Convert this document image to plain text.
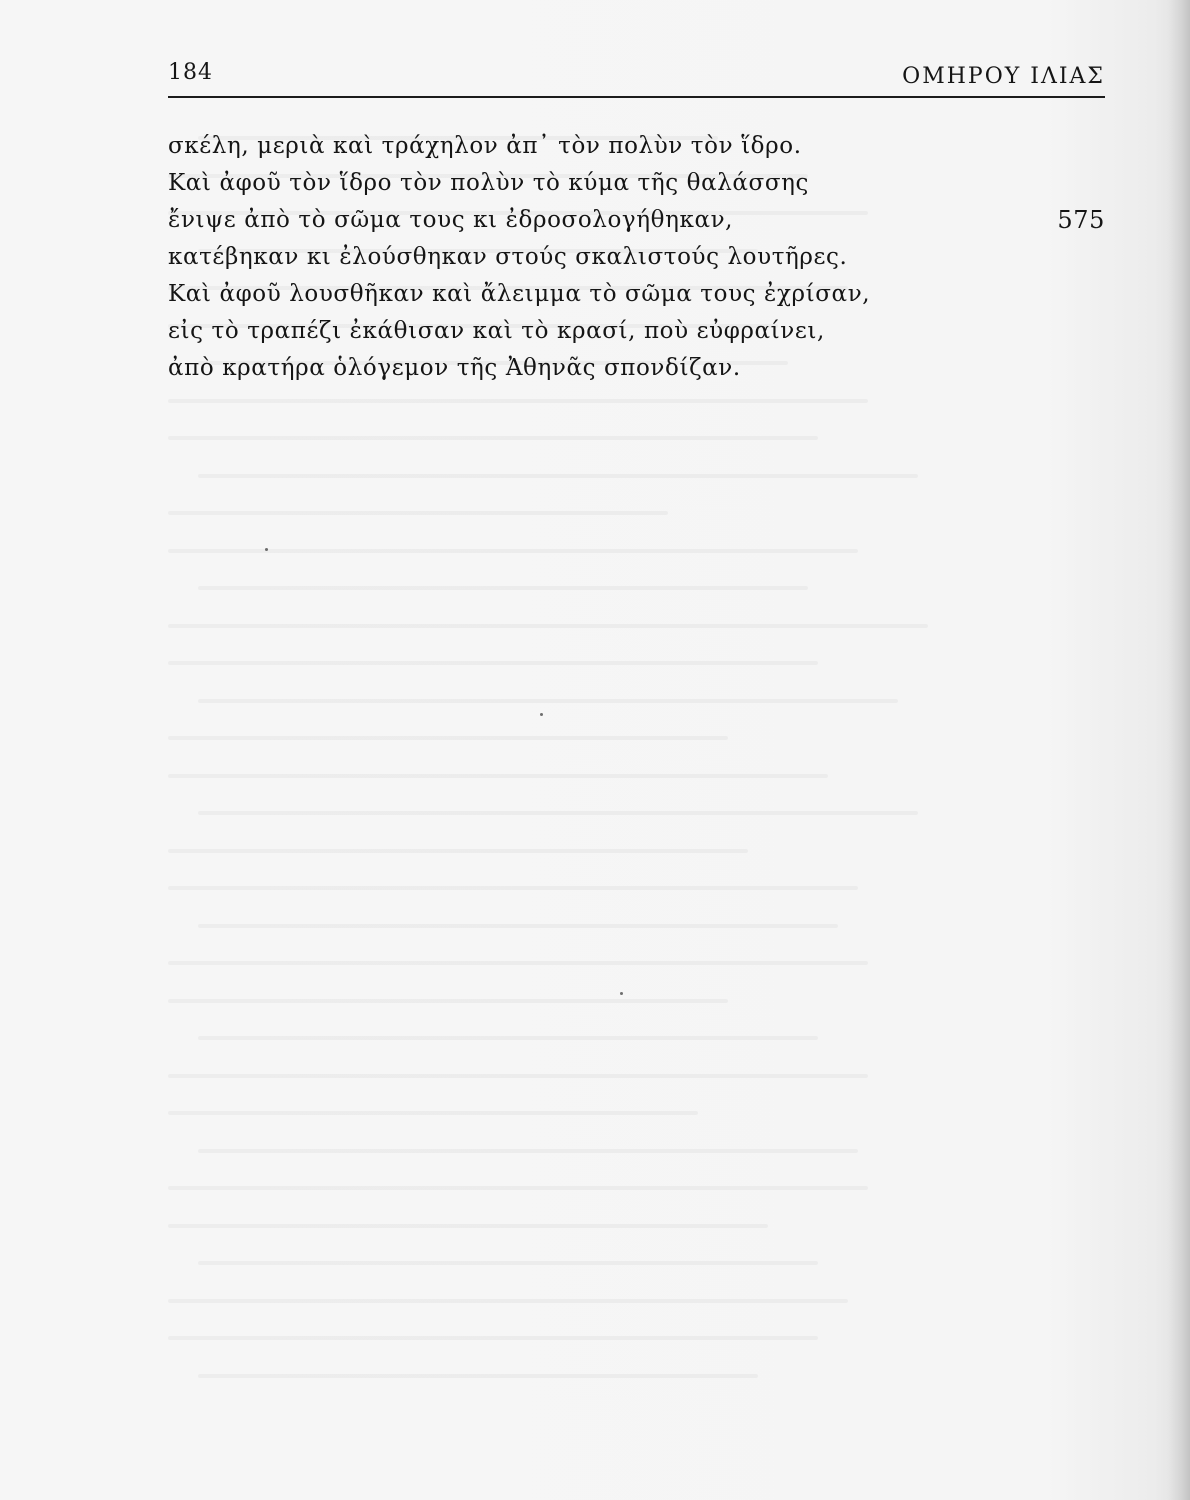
184	ΟΜΗΡΟΥ ΙΛΙΑΣ
σκέλη, μεριὰ καὶ τράχηλον ἀπ᾽ τὸν πολὺν τὸν ἵδρο.
Καὶ ἀφοῦ τὸν ἵδρο τὸν πολὺν τὸ κύμα τῆς θαλάσσης
ἔνιψε ἀπὸ τὸ σῶμα τους κι ἐδροσολογήθηκαν,	575
κατέβηκαν κι ἐλούσθηκαν στούς σκαλιστούς λουτῆρες.
Καὶ ἀφοῦ λουσθῆκαν καὶ ἄλειμμα τὸ σῶμα τους ἐχρίσαν,
εἰς τὸ τραπέζι ἐκάθισαν καὶ τὸ κρασί, ποὺ εὐφραίνει,
ἀπὸ κρατήρα ὁλόγεμον τῆς Ἀθηνᾶς σπονδίζαν.
